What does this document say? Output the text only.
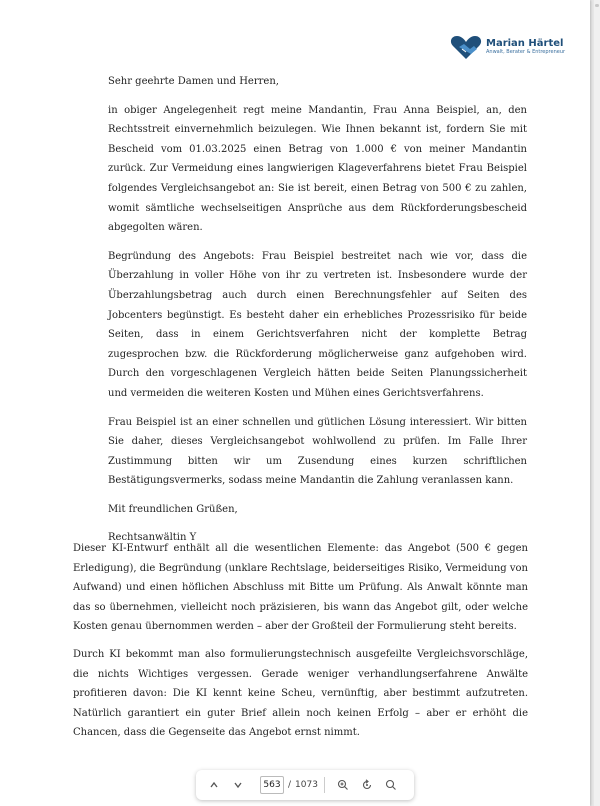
Marian Härtel
Anwalt, Berater & Entrepreneur

Sehr geehrte Damen und Herren,

in obiger Angelegenheit regt meine Mandantin, Frau Anna Beispiel, an, den Rechtsstreit einvernehmlich beizulegen. Wie Ihnen bekannt ist, fordern Sie mit Bescheid vom 01.03.2025 einen Betrag von 1.000 € von meiner Mandantin zurück. Zur Vermeidung eines langwierigen Klageverfahrens bietet Frau Beispiel folgendes Vergleichsangebot an: Sie ist bereit, einen Betrag von 500 € zu zahlen, womit sämtliche wechselseitigen Ansprüche aus dem Rückforderungsbescheid abgegolten wären.

Begründung des Angebots: Frau Beispiel bestreitet nach wie vor, dass die Überzahlung in voller Höhe von ihr zu vertreten ist. Insbesondere wurde der Überzahlungsbetrag auch durch einen Berechnungsfehler auf Seiten des Jobcenters begünstigt. Es besteht daher ein erhebliches Prozessrisiko für beide Seiten, dass in einem Gerichtsverfahren nicht der komplette Betrag zugesprochen bzw. die Rückforderung möglicherweise ganz aufgehoben wird. Durch den vorgeschlagenen Vergleich hätten beide Seiten Planungssicherheit und vermeiden die weiteren Kosten und Mühen eines Gerichtsverfahrens.

Frau Beispiel ist an einer schnellen und gütlichen Lösung interessiert. Wir bitten Sie daher, dieses Vergleichsangebot wohlwollend zu prüfen. Im Falle Ihrer Zustimmung bitten wir um Zusendung eines kurzen schriftlichen Bestätigungsvermerks, sodass meine Mandantin die Zahlung veranlassen kann.

Mit freundlichen Grüßen,

Rechtsanwältin Y

Dieser KI-Entwurf enthält all die wesentlichen Elemente: das Angebot (500 € gegen Erledigung), die Begründung (unklare Rechtslage, beiderseitiges Risiko, Vermeidung von Aufwand) und einen höflichen Abschluss mit Bitte um Prüfung. Als Anwalt könnte man das so übernehmen, vielleicht noch präzisieren, bis wann das Angebot gilt, oder welche Kosten genau übernommen werden – aber der Großteil der Formulierung steht bereits.

Durch KI bekommt man also formulierungstechnisch ausgefeilte Vergleichsvorschläge, die nichts Wichtiges vergessen. Gerade weniger verhandlungserfahrene Anwälte profitieren davon: Die KI kennt keine Scheu, vernünftig, aber bestimmt aufzutreten. Natürlich garantiert ein guter Brief allein noch keinen Erfolg – aber er erhöht die Chancen, dass die Gegenseite das Angebot ernst nimmt.

563
/ 1073
